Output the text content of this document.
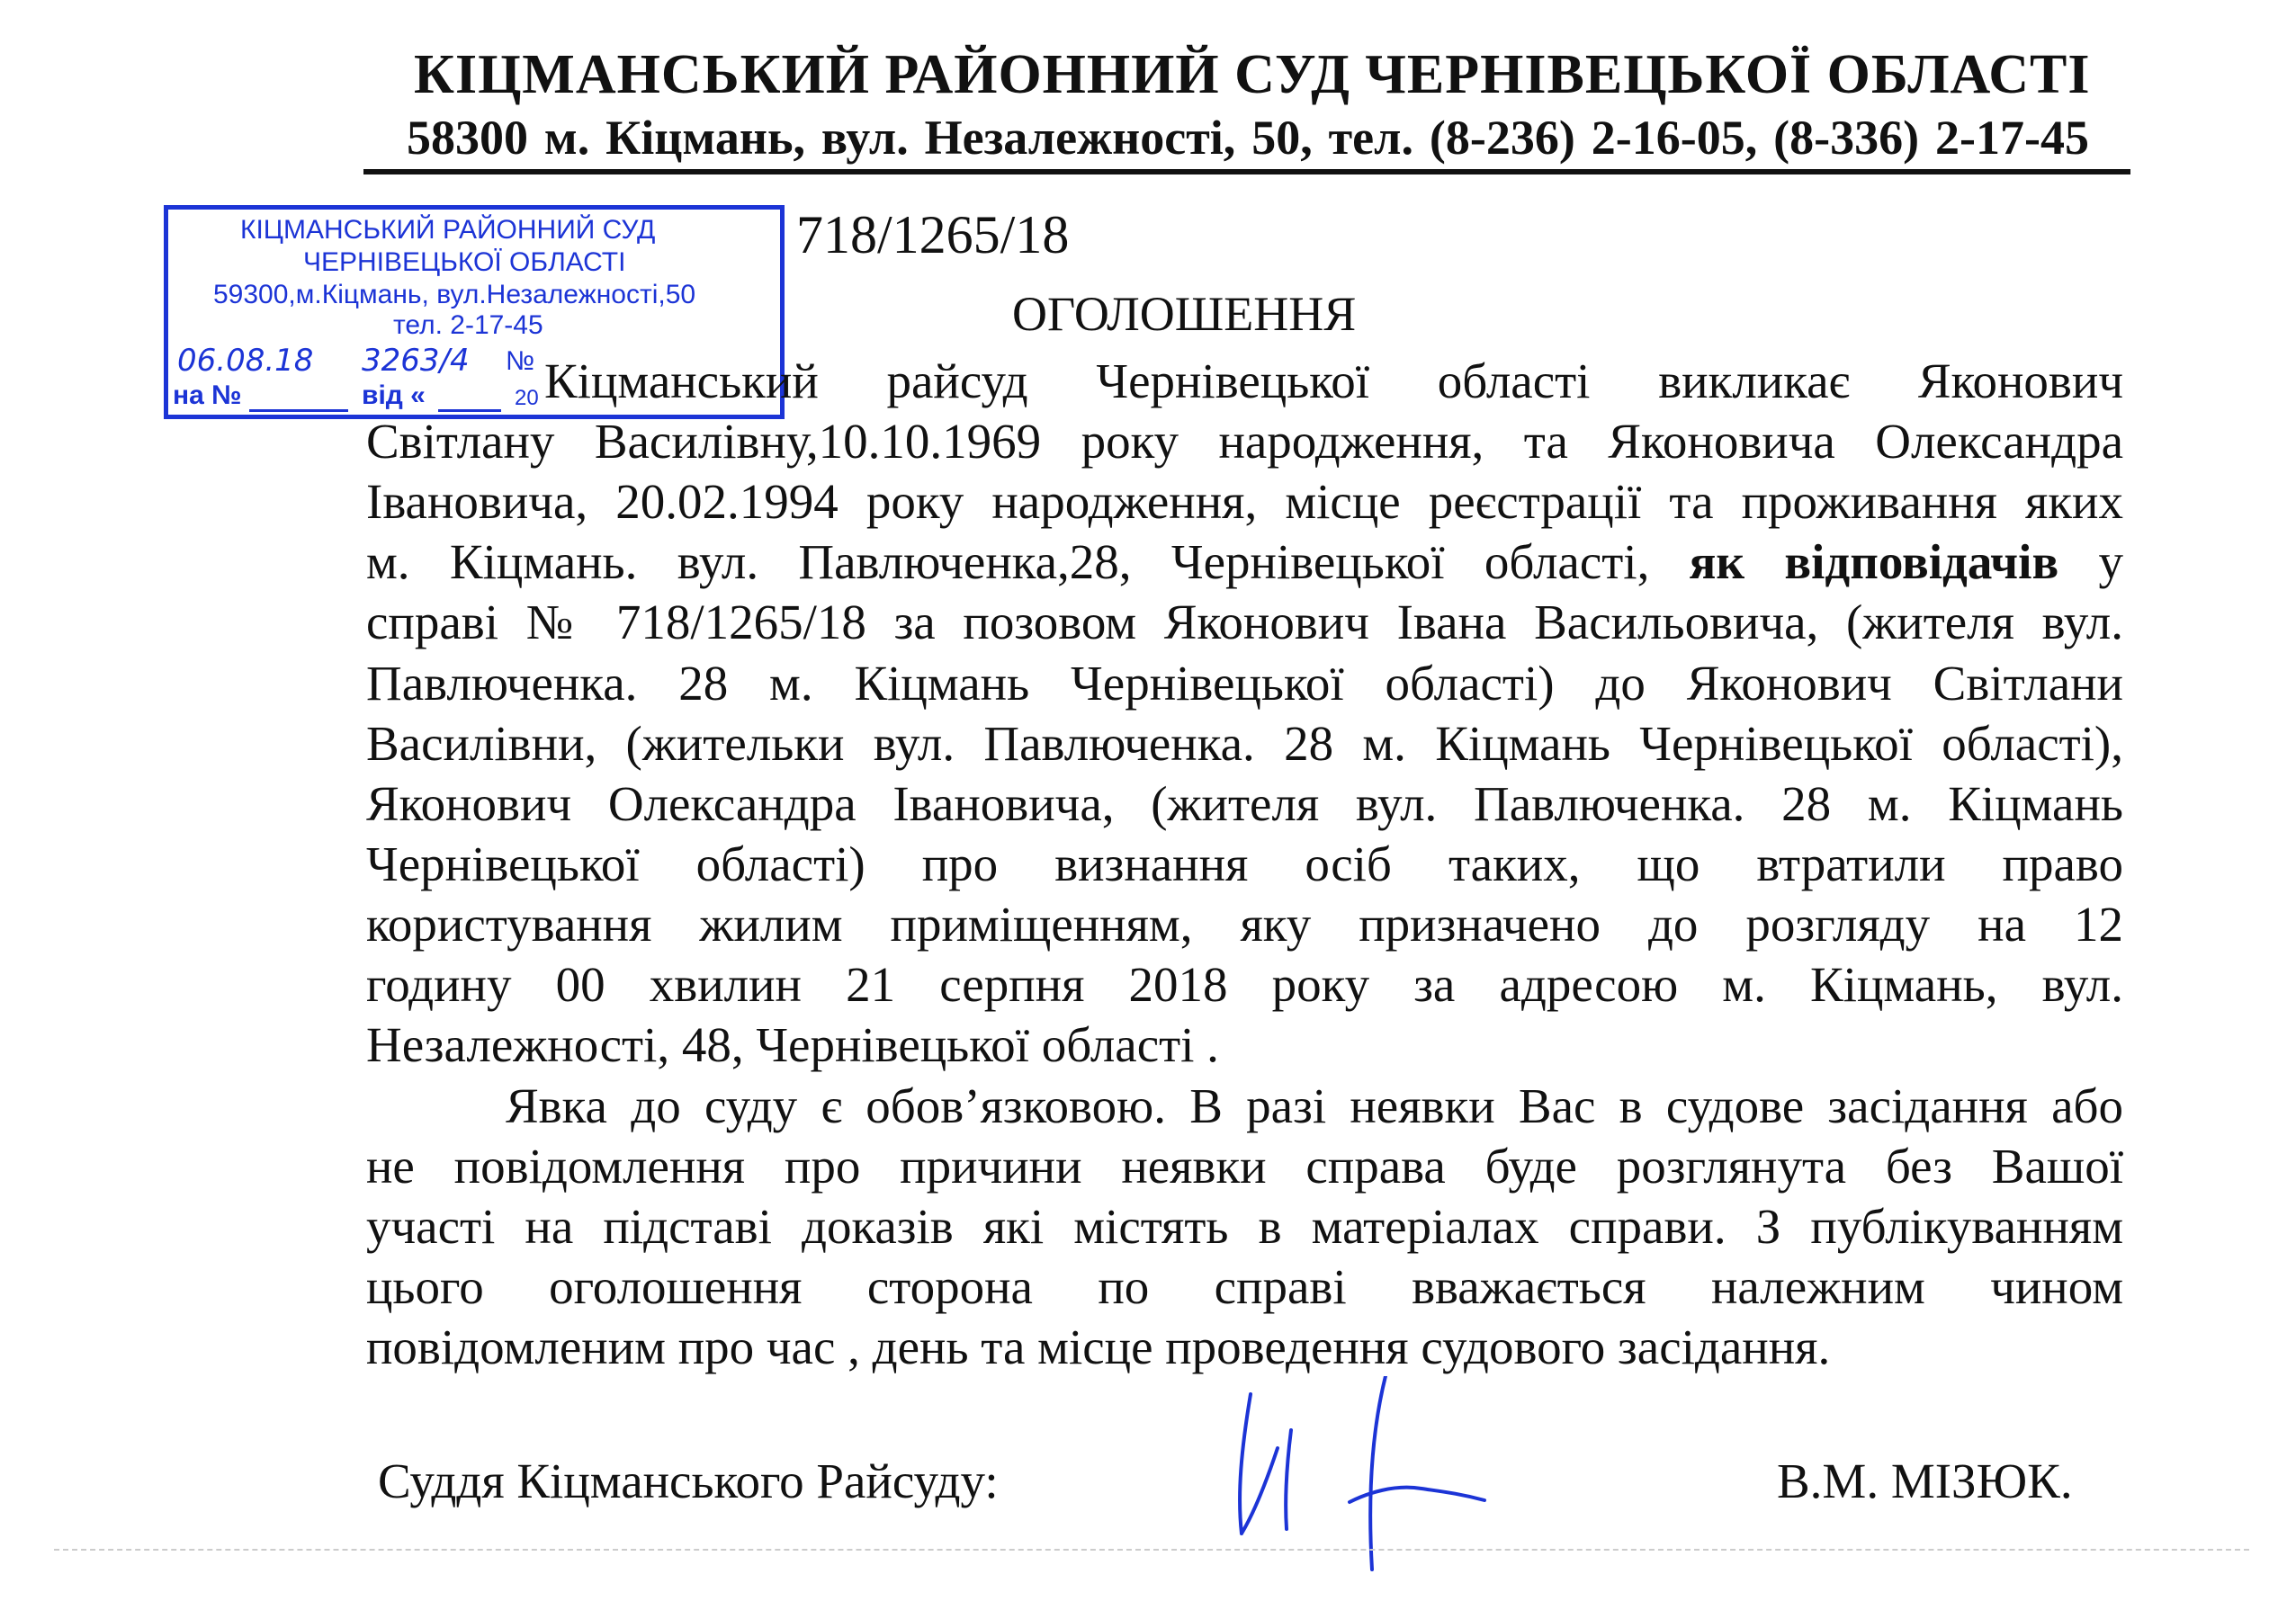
КІЦМАНСЬКИЙ РАЙОННИЙ СУД ЧЕРНІВЕЦЬКОЇ ОБЛАСТІ
58300 м. Кіцмань, вул. Незалежності, 50, тел. (8-236) 2-16-05, (8-336) 2-17-45
КІЦМАНСЬКИЙ РАЙОННИЙ СУД
ЧЕРНІВЕЦЬКОЇ ОБЛАСТІ
59300,м.Кіцмань, вул.Незалежності,50
тел. 2-17-45
06.08.18 3263/4 №
на №	від «	20
718/1265/18
ОГОЛОШЕННЯ
Кіцманський райсуд Чернівецької області викликає Яконович
Світлану Василівну,10.10.1969 року народження, та Яконовича Олександра
Івановича, 20.02.1994 року народження, місце реєстрації та проживання яких
м. Кіцмань. вул. Павлюченка,28, Чернівецької області, як відповідачів у
справі № 718/1265/18 за позовом Яконович Івана Васильовича, (жителя вул.
Павлюченка. 28 м. Кіцмань Чернівецької області) до Яконович Світлани
Василівни, (жительки вул. Павлюченка. 28 м. Кіцмань Чернівецької області),
Яконович Олександра Івановича, (жителя вул. Павлюченка. 28 м. Кіцмань
Чернівецької області) про визнання осіб таких, що втратили право
користування жилим приміщенням, яку призначено до розгляду на 12
годину 00 хвилин 21 серпня 2018 року за адресою м. Кіцмань, вул.
Незалежності, 48, Чернівецької області .
Явка до суду є обов’язковою. В разі неявки Вас в судове засідання або
не повідомлення про причини неявки справа буде розглянута без Вашої
участі на підставі доказів які містять в матеріалах справи. З публікуванням
цього оголошення сторона по справі вважається належним чином
повідомленим про час , день та місце проведення судового засідання.
Суддя Кіцманського Райсуду:	В.М. МІЗЮК.
